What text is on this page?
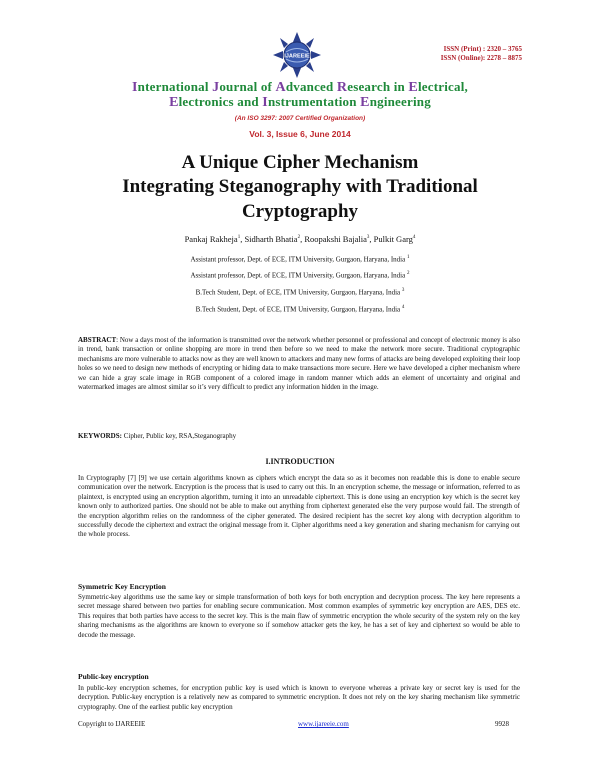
IJAREEIE
ISSN (Print) : 2320 – 3765
ISSN (Online): 2278 – 8875
International Journal of Advanced Research in Electrical,
Electronics and Instrumentation Engineering
(An ISO 3297: 2007 Certified Organization)
Vol. 3, Issue 6, June 2014
A Unique Cipher Mechanism
Integrating Steganography with Traditional
Cryptography
Pankaj Rakheja$^1$, Sidharth Bhatia$^2$, Roopakshi Bajalia$^3$, Pulkit Garg$^4$
Assistant professor, Dept. of ECE, ITM University, Gurgaon, Haryana, India $^1$
Assistant professor, Dept. of ECE, ITM University, Gurgaon, Haryana, India $^2$
B.Tech Student, Dept. of ECE, ITM University, Gurgaon, Haryana, India $^3$
B.Tech Student, Dept. of ECE, ITM University, Gurgaon, Haryana, India $^4$
ABSTRACT: Now a days most of the information is transmitted over the network whether personnel or professional and concept of electronic money is also in trend, bank transaction or online shopping are more in trend then before so we need to make the network more secure. Traditional cryptographic mechanisms are more vulnerable to attacks now as they are well known to attackers and many new forms of attacks are being developed exploiting their loop holes so we need to design new methods of encrypting or hiding data to make transactions more secure. Here we have developed a cipher mechanism where we can hide a gray scale image in RGB component of a colored image in random manner which adds an element of uncertainty and original and watermarked images are almost similar so it’s very difficult to predict any information hidden in the image.
KEYWORDS: Cipher, Public key, RSA,Steganography
I.INTRODUCTION
In Cryptography [7] [9] we use certain algorithms known as ciphers which encrypt the data so as it becomes non readable this is done to enable secure communication over the network. Encryption is the process that is used to carry out this. In an encryption scheme, the message or information, referred to as plaintext, is encrypted using an encryption algorithm, turning it into an unreadable ciphertext. This is done using an encryption key which is the secret key known only to authorized parties. One should not be able to make out anything from ciphertext generated else the very purpose would fail. The strength of the encryption algorithm relies on the randomness of the cipher generated. The desired recipient has the secret key along with decryption algorithm to successfully decode the ciphertext and extract the original message from it. Cipher algorithms need a key generation and sharing mechanism for carrying out the whole process.
Symmetric Key Encryption
Symmetric-key algorithms use the same key or simple transformation of both keys for both encryption and decryption process. The key here represents a secret message shared between two parties for enabling secure communication. Most common examples of symmetric key encryption are AES, DES etc. This requires that both parties have access to the secret key. This is the main flaw of symmetric encryption the whole security of the system rely on the key sharing mechanisms as the algorithms are known to everyone so if somehow attacker gets the key, he has a set of key and ciphertext so would be able to decode the message.
Public-key encryption
In public-key encryption schemes, for encryption public key is used which is known to everyone whereas a private key or secret key is used for the decryption. Public-key encryption is a relatively new as compared to symmetric encryption. It does not rely on the key sharing mechanism like symmetric cryptography. One of the earliest public key encryption
Copyright to IJAREEIE	www.ijareeie.com	9928
